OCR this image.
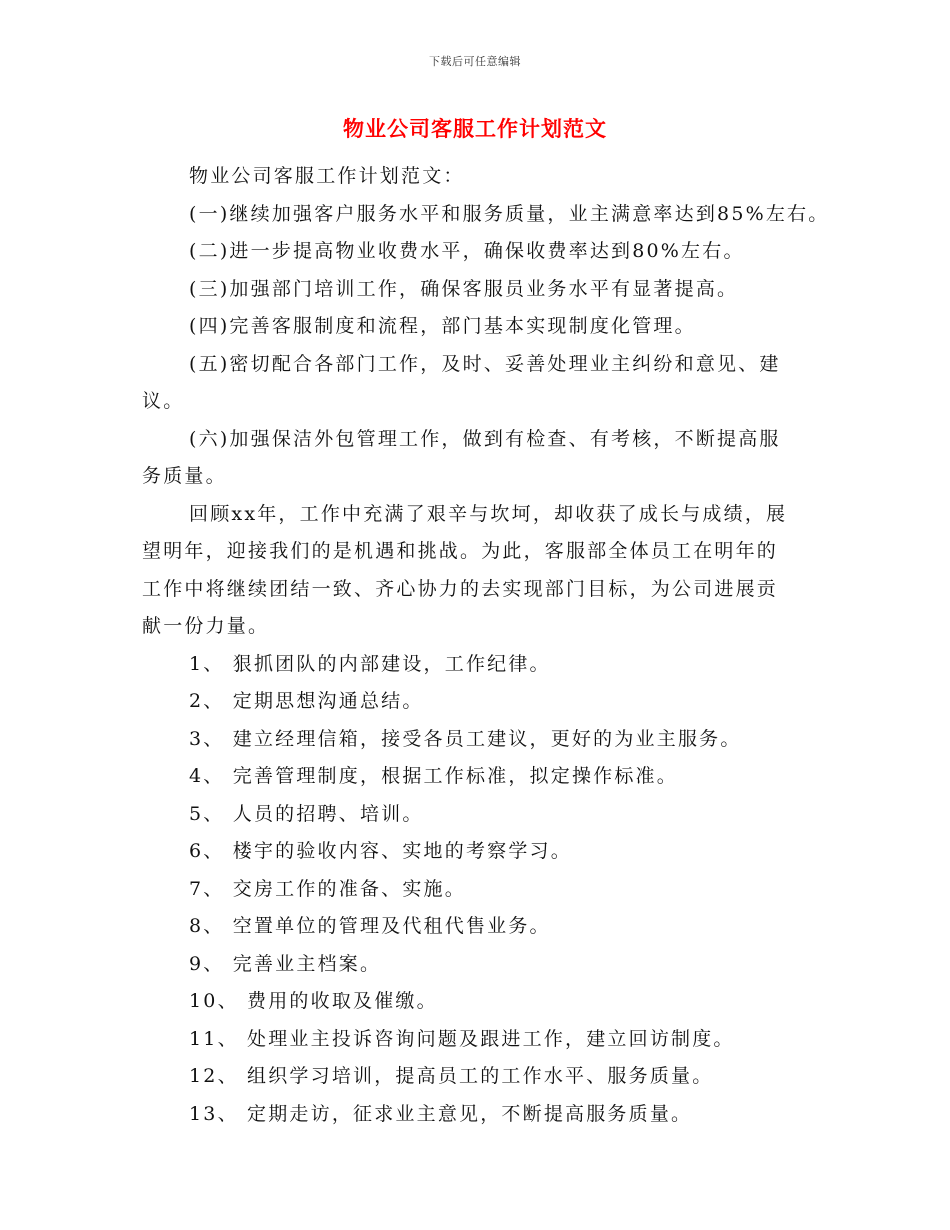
下载后可任意编辑
物业公司客服工作计划范文
物业公司客服工作计划范文：
(一)继续加强客户服务水平和服务质量，业主满意率达到85%左右。
(二)进一步提高物业收费水平，确保收费率达到80%左右。
(三)加强部门培训工作，确保客服员业务水平有显著提高。
(四)完善客服制度和流程，部门基本实现制度化管理。
(五)密切配合各部门工作，及时、妥善处理业主纠纷和意见、建
议。
(六)加强保洁外包管理工作，做到有检查、有考核，不断提高服
务质量。
回顾xx年，工作中充满了艰辛与坎坷，却收获了成长与成绩，展
望明年，迎接我们的是机遇和挑战。为此，客服部全体员工在明年的
工作中将继续团结一致、齐心协力的去实现部门目标，为公司进展贡
献一份力量。
1、 狠抓团队的内部建设，工作纪律。
2、 定期思想沟通总结。
3、 建立经理信箱，接受各员工建议，更好的为业主服务。
4、 完善管理制度，根据工作标准，拟定操作标准。
5、 人员的招聘、培训。
6、 楼宇的验收内容、实地的考察学习。
7、 交房工作的准备、实施。
8、 空置单位的管理及代租代售业务。
9、 完善业主档案。
10、 费用的收取及催缴。
11、 处理业主投诉咨询问题及跟进工作，建立回访制度。
12、 组织学习培训，提高员工的工作水平、服务质量。
13、 定期走访，征求业主意见，不断提高服务质量。
